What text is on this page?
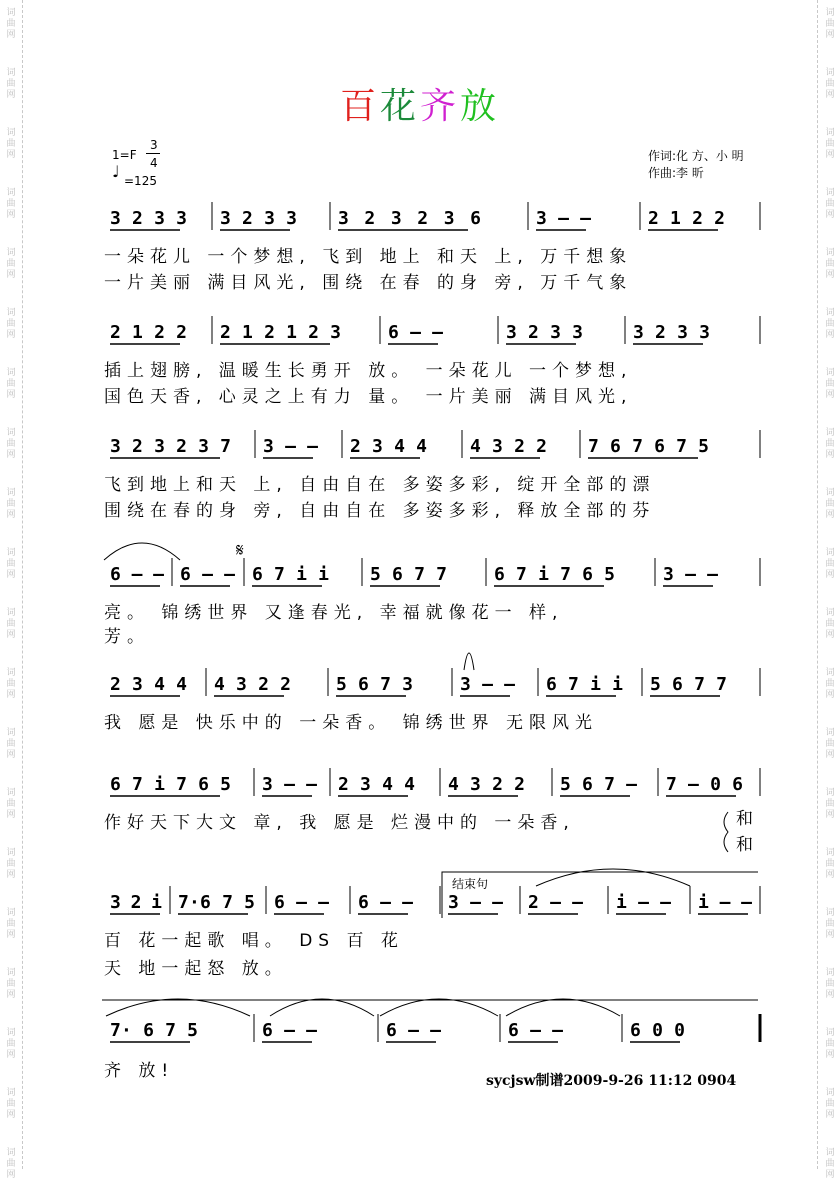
词
曲
网
词
曲
网
词
曲
网
词
曲
网
词
曲
网
词
曲
网
词
曲
网
词
曲
网
词
曲
网
词
曲
网
词
曲
网
词
曲
网
词
曲
网
词
曲
网
词
曲
网
词
曲
网
词
曲
网
词
曲
网
词
曲
网
词
曲
网
词
曲
网
词
曲
网
词
曲
网
词
曲
网
词
曲
网
词
曲
网
词
曲
网
词
曲
网
词
曲
网
词
曲
网
词
曲
网
词
曲
网
词
曲
网
词
曲
网
词
曲
网
词
曲
网
词
曲
网
词
曲
网
词
曲
网
词
曲
网
百花齐放
1=F
3
4
♩ =125
作词:化 方、小 明
作曲:李 昕
3 2 3 3 3 2 3 3 3 2 3 2 3 6	3 – –	2 1 2 2
一朵花儿 一个梦想, 飞到 地上 和天 上, 万千想象
一片美丽 满目风光, 围绕 在春 的身 旁, 万千气象
2 1 2 2 2 1 2 1 2 3	6 – –	3 2 3 3	3 2 3 3
插上翅膀, 温暖生长勇开 放。 一朵花儿 一个梦想,
国色天香, 心灵之上有力 量。 一片美丽 满目风光,
3 2 3 2 3 7 3 – – 2 3 4 4 4 3 2 2 7 6 7 6 7 5
飞到地上和天 上, 自由自在 多姿多彩, 绽开全部的漂
围绕在春的身 旁, 自由自在 多姿多彩, 释放全部的芬
6 – – 6 – – 6 7 i i 5 6 7 7	6 7 i 7 6 5	3 – –
亮。 锦绣世界 又逢春光, 幸福就像花一 样,
芳。
2 3 4 4 4 3 2 2	5 6 7 3	3 – – 6 7 i i 5 6 7 7
我 愿是 快乐中的 一朵香。 锦绣世界 无限风光
6 7 i 7 6 5 3 – – 2 3 4 4 4 3 2 2 5 6 7 – 7 – 0 6
作好天下大文 章, 我 愿是 烂漫中的 一朵香,	和
和
3 2 i 7·6 7 5 6 – – 6 – – 3 – – 2 – – i – – i – –
百 花一起歌 唱。 DS 百 花
天 地一起怒 放。
7· 6 7 5	6 – –	6 – –	6 – –	6 0 0
齐 放!
𝄋
结束句
sycjsw制谱2009-9-26 11:12 0904
